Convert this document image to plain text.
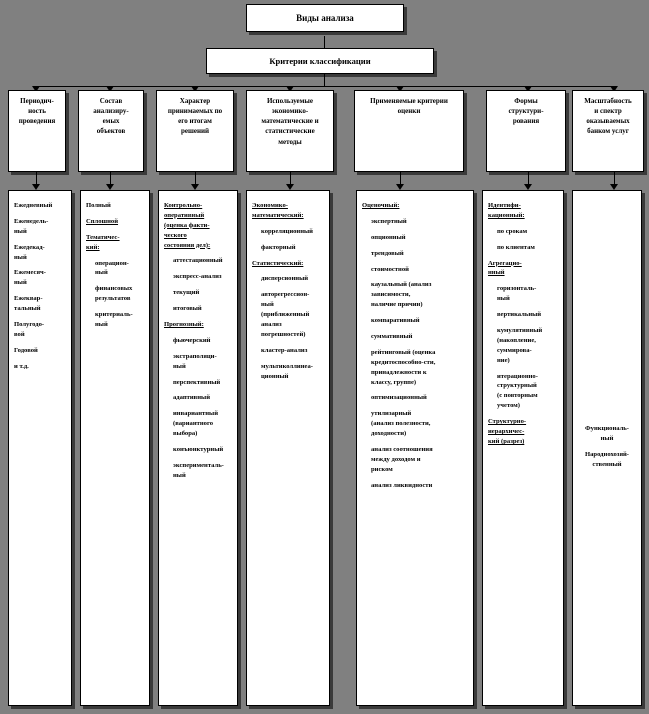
Виды анализа
Критерии классификации
Периодич-
ность
проведения
Состав анализиру-
емых
объектов
Характер
принимаемых по
его итогам
решений
Используемые
экономико-
математические и
статистические
методы
Применяемые критерии
оценки
Формы
структури-
рования
Масштабность
и спектр
оказываемых
банком услуг
Ежедневный
Еженедель-
ный
Ежедекад-
ный
Ежемесяч-
ный
Ежеквар-
тальный
Полугодо-
вой
Годовой
и т.д.
Полный
Сплошной
Тематичес-
кий:
операцион-
ный
финансовых
результатов
критериаль-
ный
Контрольно-
оперативный
(оценка факти-
ческого
состояния дел):
аттестационный
экспресс-анализ
текущий
итоговый
Прогнозный:
фьючерский
экстраполяци-
ный
перспективный
адаптивный
инвариантный
(вариантного
выбора)
конъюнктурный
эксперименталь-
ный
Экономико-
математический:
корреляционный
факторный
Статистический:
дисперсионный
авторегрессион-
ный
(приближенный
анализ
погрешностей)
кластер-анализ
мультиколлинеа-
ционный
Оценочный:
экспертный
опционный
трендовый
стоимостной
каузальный (анализ
зависимости,
наличие причин)
компаративный
суммативный
рейтинговый (оценка
кредитоспособно-сти,
принадлежности к
классу, группе)
оптимизационный
утилизарный
(анализ полезности,
доходности)
анализ соотношения
между доходом и
риском
анализ ликвидности
Идентифи-
кационный:
по срокам
по клиентам
Агрегацио-
нный
горизонталь-
ный
вертикальный
кумулятивный
(накопление,
суммирова-
ние)
итерационно-
структурный
(с повторным
учетом)
Структурно-
иерархичес-
кий (разрез)
Функциональ-
ный
Народнохозяй-
ственный
